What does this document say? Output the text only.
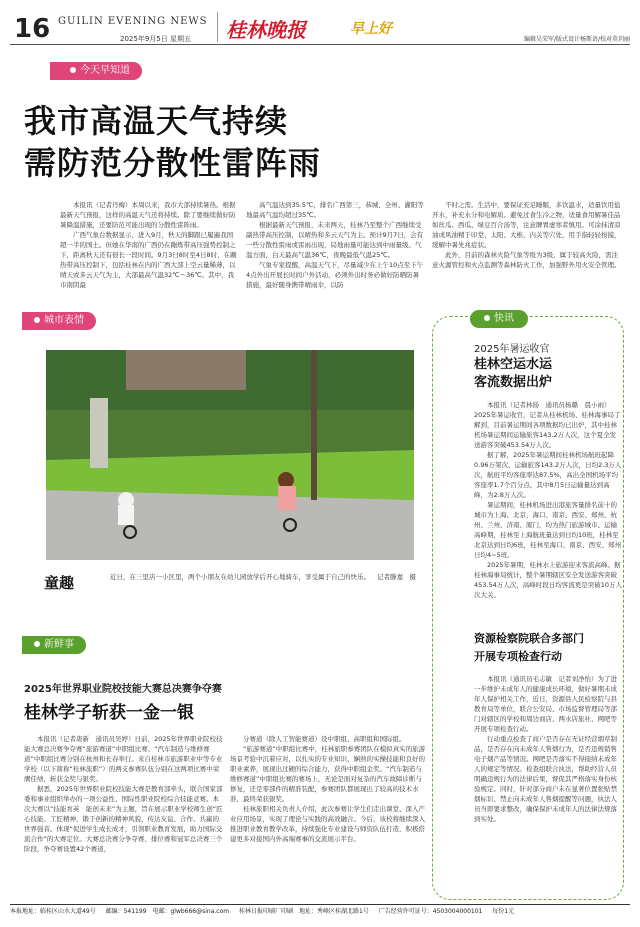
16 GUILIN EVENING NEWS
2025年9月5日 星期五 桂林晚报	早上好
编辑吴荣军/版式设计杨斯语/校对莫玥丽
今天早知道
我市高温天气持续
需防范分散性雷阵雨

本报讯（记者丹梅）本周以来，我市大部持续暑热。根据最新天气预报，这样的高温天气还将持续。除了要继续做好防暑降温措施，还要防范可能出现的分散性雷阵雨。

广西气象台数据显示，进入9月，秋天的脚跟已履遍我国超一半的国土。但她在华南的广西仍在蹦炼带高压强势控制之下，距离秋天还有很长一段时间。9月3日8时至4日8时，在蹦热带高压控制下，包括桂林在内的广西大部上空云量稀薄，以晴天或多云天气为主，大部最高气温32℃～36℃。其中，我市南阴最

高气温达到35.5℃，排名广西第三，恭城、全州、灌阳等地最高气温均超过35℃。

根据最新天气预报，未来两天，桂林乃至整个广西继续受副热带高压控制，以晴热和多云天气为主。预计9月7日，会有一些分散性雷雨或雷雨出现，局地雨量可能达到中雨量级。气温方面，白天最高气温36℃，夜晚最低气温25℃。

气象专家提醒，高温天气下，尽量减少在上午10点至下午4点外出开展长时间户外活动，必须外出时务必做好防晒防暑措施，最好随身携带晴雨伞，以防

不时之需。生活中，要保证充足睡眠，多饮温水，适量饮用盐开水，补充水分和电解质。避免过食生冷之物，适量食用解暑佳品如丝瓜、西瓜、绿豆百合汤等，注意脾胃虚寒者慎用。可涂抹清凉油或风油精于印堂、太阳、大椎、内关等穴处，用手指轻轻按摸，缓解中暑先兆症状。

此外，目前的森林火险气象等级为3级，属于较高火险，需注意火源管控和火点监测等森林防火工作，加强野外用火安全管理。

城市表情
童趣	近日，在三里店一小区里，两个小朋友在幼儿园放学后开心地骑车，享受属于自己的快乐。 记者滕嘉　摄
新鲜事
2025年世界职业院校技能大赛总决赛争夺赛
桂林学子斩获一金一银

本报讯（记者唐新　通讯员吴婷）日前，2025年世界职业院校技能大赛总决赛争夺赛“旅游赛道”中职组比赛、“汽车制造与维修赛道”中职组比赛分别在杭州和长春举行。来自桂林市旅游职业中等专业学校（以下简称“桂林旅职”）的两支参赛队伍分别在这两项比赛中荣膺佳绩，斩获金奖与银奖。

据悉，2025年世界职业院校技能大赛是教育部牵头，联合国家部委和事业组织举办的一项公益性、国际性职业院校综合技能竞赛。本次大赛以“技能育英　能创未来”为主题，旨在展示职业学校师生创“匠心技能、工匠精神，锻于创新的精神风貌，传达友谊、合作、共赢的世界强音。体现“促进学生成长成才，引领职业教育发展，助力国际交流合作”的大赛定位。大赛总决赛分争夺赛、排位赛和冠军总决赛三个阶段，争夺赛设置42个赛道，

分赛道（除人工智能赛道）设中职组、高职组和国际组。

“旅游赛道”中职组比赛中，桂林旅职参赛团队在模拟真实的旅游场景考验中沉着应对，以扎实的专业知识、娴熟的实操技能和良好的职业素养，展现出过硬的综合能力，获得中职组金奖。“汽车制造与维修赛道”中职组比赛的赛场上，无论是面对复杂的汽车故障诊断与修复，还是零部件的精准装配，参赛团队都展现出了较高的技术水准，最终荣获银奖。

桂林旅职相关负责人介绍，此次参赛让学生们走出课堂、深入产业应用场景，实现了理论与实践的高效融合。今后，该校将继续深入推进职业教育教学改革，持续强化专业建设与师资队伍打造，积极搭建更多对接国内外高端赛事的交流展示平台。

快讯
2025年暑运收官
桂林空运水运
客流数据出炉

本报讯（记者林扬　通讯员杨璐　晨小雨）2025年暑运收官，记者从桂林机场、桂林海事局了解到，目前暑运期间各项数据均已出炉，其中桂林机场暑运期间运输旅客143.2万人次，这个夏全发送游客突破453.54万人次。

据了解，2025年暑运期间桂林机场航班起降0.96万架次，运输旅客143.2万人次，日均2.3万人次，航班平均客座率达87.5%，高出全国机场平均客座率1.7个百分点，其中8月5日运输量达到高峰，为2.8万人次。

暑运期间，桂林机场进出港旅客量排名前十的城市为上海、北京、海口、南京、西安、郑州、杭州、兰州、济南、厦门，均为热门旅游城市、运输高峰期，桂林至上海航班量达到日均10班，桂林至北京达到日均6班，桂林至海口、南京、西安、郑州日均4~5班。

2025年暑期，桂林水上旅游迎来客流高峰。据桂林海事局统计，整个暑期辖区安全发送游客突破453.54万人次，高峰时段日均客流更是突破10万人次大关。

资源检察院联合多部门
开展专项检查行动

本报讯（通讯员毛志敏　记者刘净怡）为了进一步维护未成年人的健康成长环境，做好暑期未成年人保护相关工作，近日，资源县人民检察院与县教育局等单位，联合公安局、市场监督管理局等部门对辖区的学校和周边商店、两水店旅社、网吧等开展专项检查行动。

行动重点检查了商户是否存在无证经营烟草制品，是否存在向未成年人售烟行为，是否违规销售电子烟产品等情况。网吧是否落实不得接纳未成年人的规定等情况。检查组联合执法，帮助经营人员明确违规行为的法律后果，督促其严格落实身份核验规定。同时，针对部分商户未在显著位置张贴禁烟标识、禁止向未成年人售烟提醒等问题，执法人员当即要求整改，确保保护未成年人的法律法规落到实处。

本报地址：临桂区山水大道49号 邮编：541199　电邮：glwb666@sina.com 桂林日报印刷厂印刷 地址：秀峰区桂湖北路1号 广告经营许可证号：4503004000101 每份1元
